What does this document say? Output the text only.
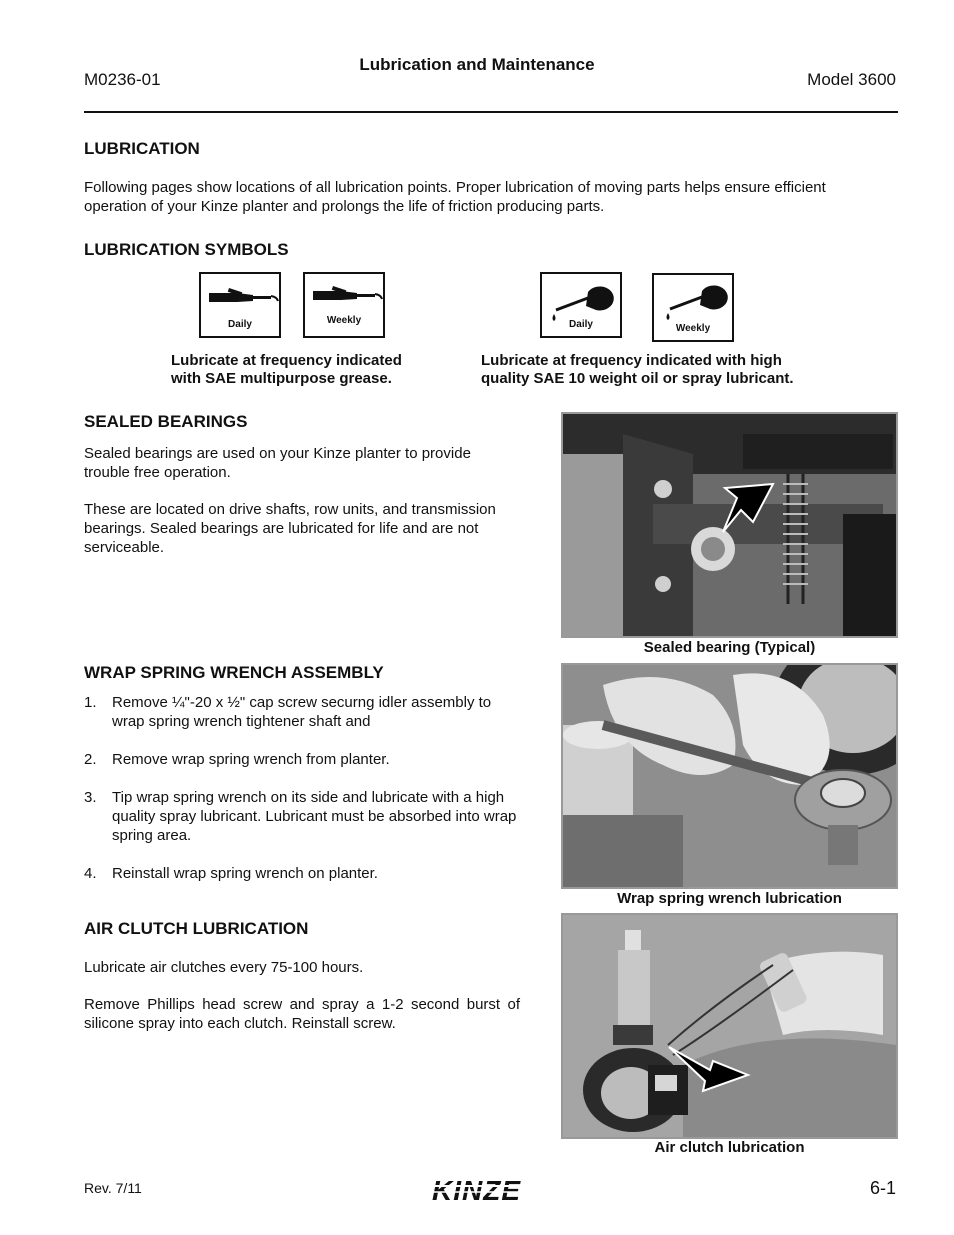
M0236-01
Lubrication and Maintenance
Model 3600
LUBRICATION

Following pages show locations of all lubrication points. Proper lubrication of moving parts helps ensure efficient operation of your Kinze planter and prolongs the life of friction producing parts.

LUBRICATION SYMBOLS
Daily	Weekly	Daily	Weekly
Lubricate at frequency indicated
with SAE multipurpose grease.
Lubricate at frequency indicated with high
quality SAE 10 weight oil or spray lubricant.
SEALED BEARINGS

Sealed bearings are used on your Kinze planter to provide trouble free operation.

These are located on drive shafts, row units, and transmission bearings. Sealed bearings are lubricated for life and are not serviceable.

Sealed bearing (Typical)
WRAP SPRING WRENCH ASSEMBLY
1. Remove ¼"-20 x ½" cap screw securng idler assembly to wrap spring wrench tightener shaft and
2. Remove wrap spring wrench from planter.
3. Tip wrap spring wrench on its side and lubricate with a high quality spray lubricant. Lubricant must be absorbed into wrap spring area.
4. Reinstall wrap spring wrench on planter.
Wrap spring wrench lubrication
AIR CLUTCH LUBRICATION

Lubricate air clutches every 75-100 hours.

Remove Phillips head screw and spray a 1-2 second burst of silicone spray into each clutch. Reinstall screw.

Air clutch lubrication
Rev. 7/11	KINZE	6-1
